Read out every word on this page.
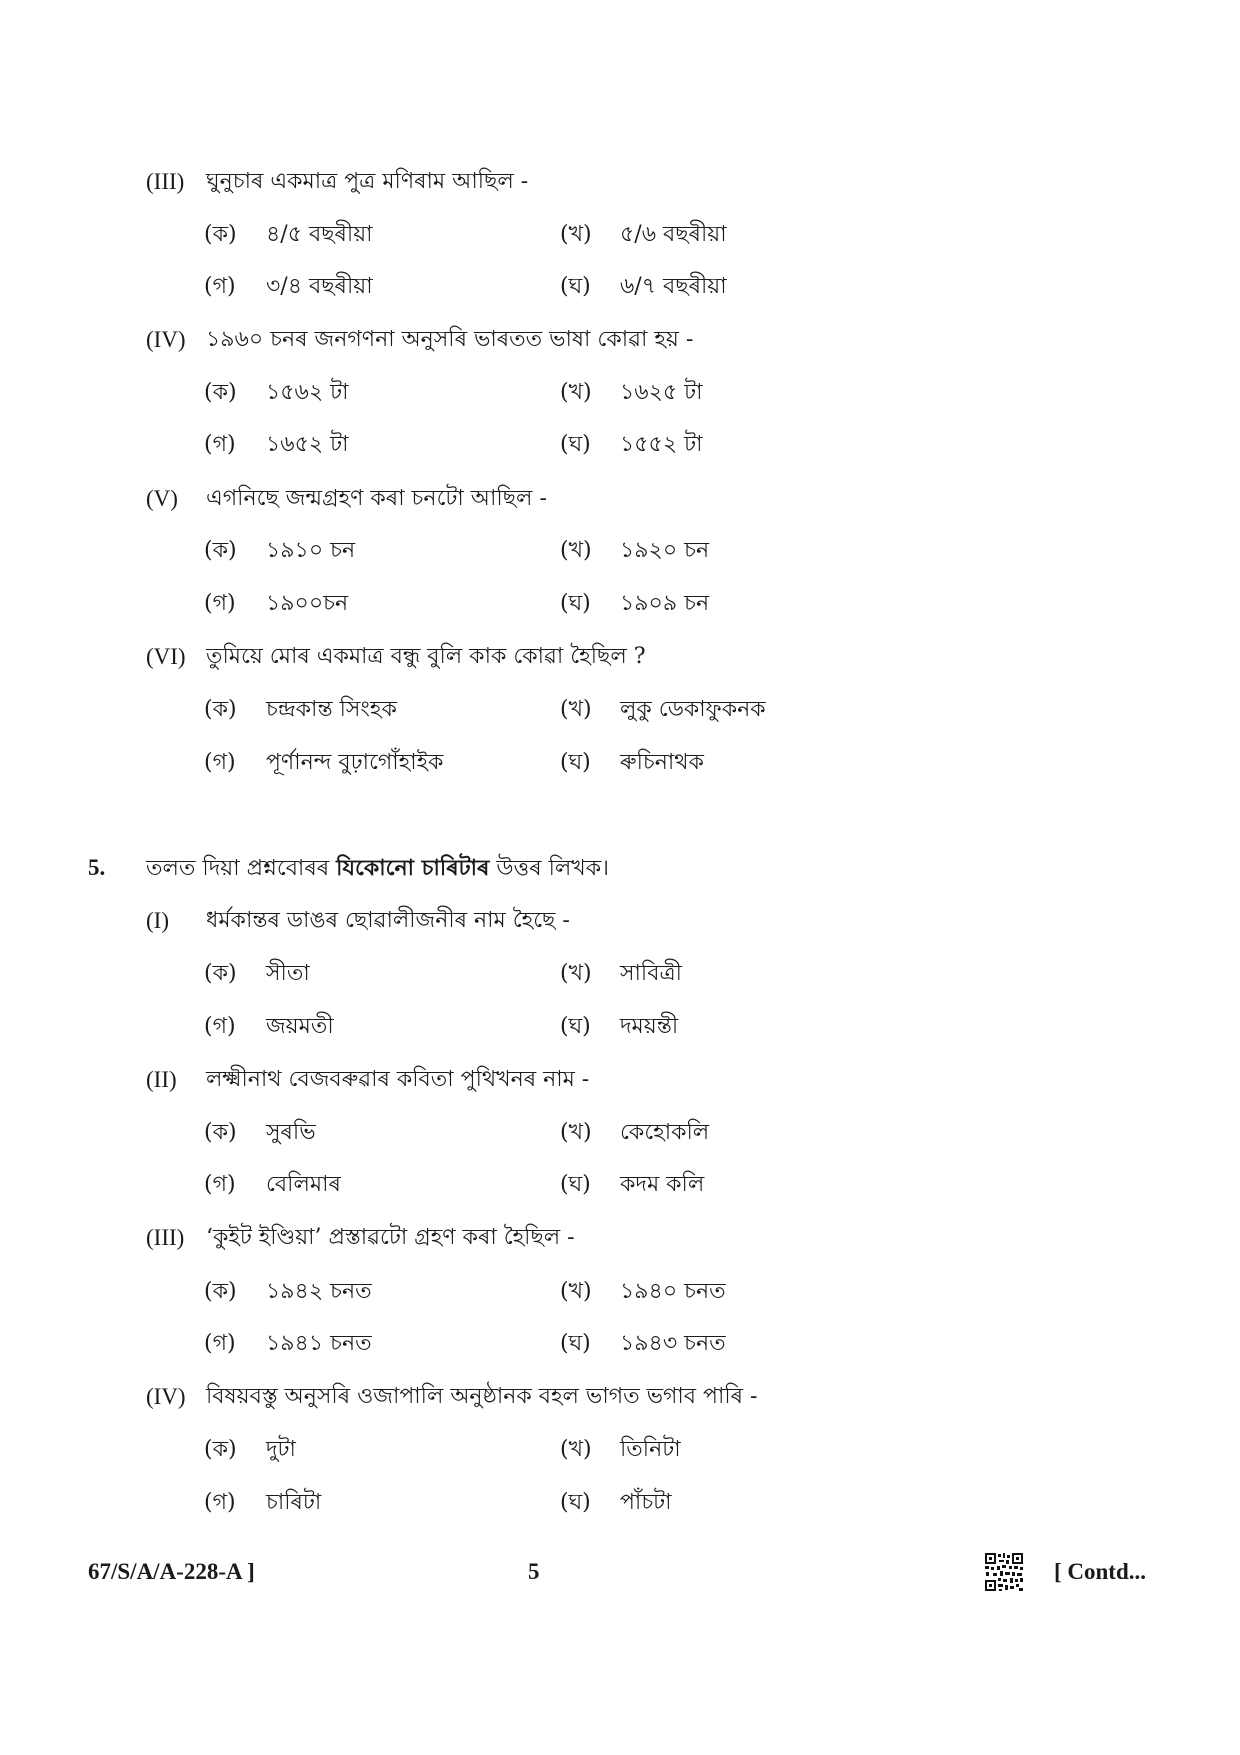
(III) ঘুনুচাৰ একমাত্ৰ পুত্ৰ মণিৰাম আছিল -
(ক) ৪/৫ বছৰীয়া	(খ) ৫/৬ বছৰীয়া
(গ) ৩/৪ বছৰীয়া	(ঘ) ৬/৭ বছৰীয়া
(IV) ১৯৬০ চনৰ জনগণনা অনুসৰি ভাৰতত ভাষা কোৱা হয় -
(ক) ১৫৬২ টা	(খ) ১৬২৫ টা
(গ) ১৬৫২ টা	(ঘ) ১৫৫২ টা
(V) এগনিছে জন্মগ্ৰহণ কৰা চনটো আছিল -
(ক) ১৯১০ চন	(খ) ১৯২০ চন
(গ) ১৯০০চন	(ঘ) ১৯০৯ চন
(VI) তুমিয়ে মোৰ একমাত্ৰ বন্ধু বুলি কাক কোৱা হৈছিল ?
(ক) চন্দ্ৰকান্ত সিংহক	(খ) লুকু ডেকাফুকনক
(গ) পূৰ্ণানন্দ বুঢ়াগোঁহাইক	(ঘ) ৰুচিনাথক
5. তলত দিয়া প্ৰশ্নবোৰৰ যিকোনো চাৰিটাৰ উত্তৰ লিখক।
(I) ধৰ্মকান্তৰ ডাঙৰ ছোৱালীজনীৰ নাম হৈছে -
(ক) সীতা	(খ) সাবিত্ৰী
(গ) জয়মতী	(ঘ) দময়ন্তী
(II) লক্ষ্মীনাথ বেজবৰুৱাৰ কবিতা পুথিখনৰ নাম -
(ক) সুৰভি	(খ) কেহোকলি
(গ) বেলিমাৰ	(ঘ) কদম কলি
(III) ‘কুইট ইণ্ডিয়া’ প্ৰস্তাৱটো গ্ৰহণ কৰা হৈছিল -
(ক) ১৯৪২ চনত	(খ) ১৯৪০ চনত
(গ) ১৯৪১ চনত	(ঘ) ১৯৪৩ চনত
(IV) বিষয়বস্তু অনুসৰি ওজাপালি অনুষ্ঠানক বহল ভাগত ভগাব পাৰি -
(ক) দুটা	(খ) তিনিটা
(গ) চাৰিটা	(ঘ) পাঁচটা
67/S/A/A-228-A ]	5	[ Contd...
